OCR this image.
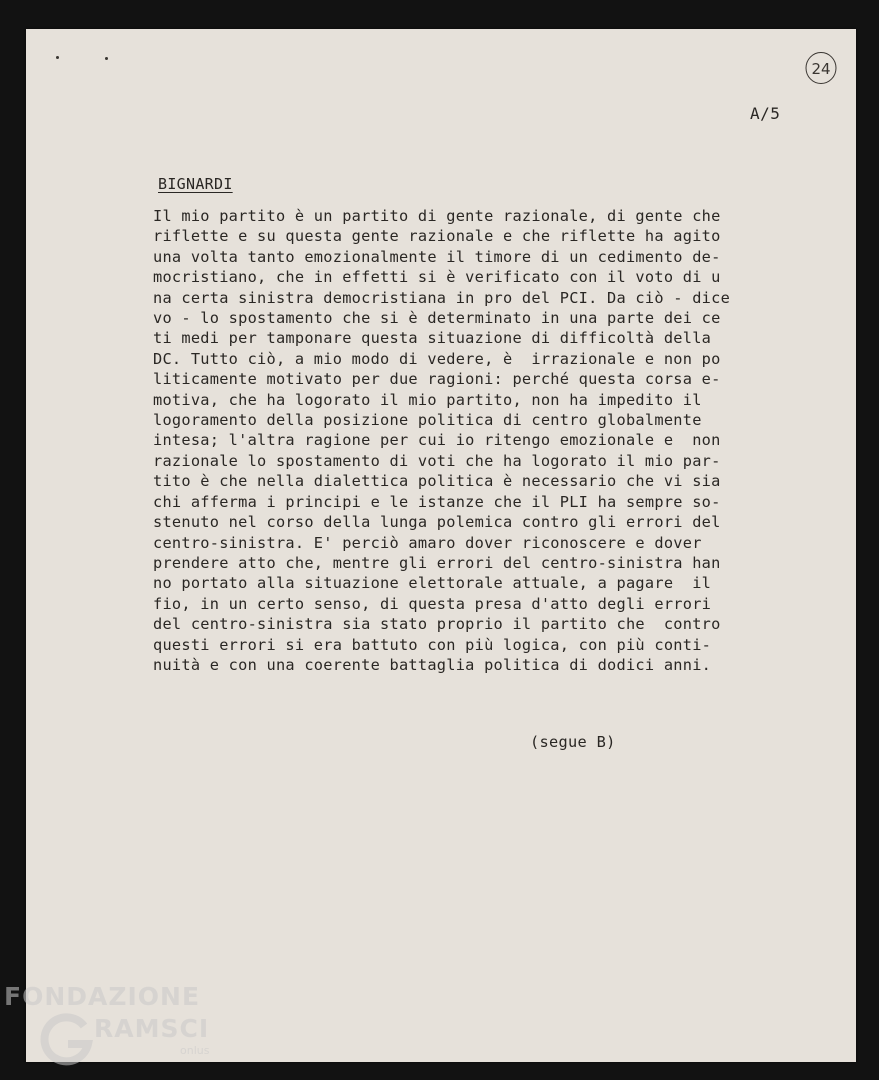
24
A/5
BIGNARDI
Il mio partito è un partito di gente razionale, di gente che
riflette e su questa gente razionale e che riflette ha agito
una volta tanto emozionalmente il timore di un cedimento de-
mocristiano, che in effetti si è verificato con il voto di u
na certa sinistra democristiana in pro del PCI. Da ciò - dice
vo - lo spostamento che si è determinato in una parte dei ce
ti medi per tamponare questa situazione di difficoltà della
DC. Tutto ciò, a mio modo di vedere, è  irrazionale e non po
liticamente motivato per due ragioni: perché questa corsa e-
motiva, che ha logorato il mio partito, non ha impedito il
logoramento della posizione politica di centro globalmente
intesa; l'altra ragione per cui io ritengo emozionale e  non
razionale lo spostamento di voti che ha logorato il mio par-
tito è che nella dialettica politica è necessario che vi sia
chi afferma i principi e le istanze che il PLI ha sempre so-
stenuto nel corso della lunga polemica contro gli errori del
centro-sinistra. E' perciò amaro dover riconoscere e dover
prendere atto che, mentre gli errori del centro-sinistra han
no portato alla situazione elettorale attuale, a pagare  il
fio, in un certo senso, di questa presa d'atto degli errori
del centro-sinistra sia stato proprio il partito che  contro
questi errori si era battuto con più logica, con più conti-
nuità e con una coerente battaglia politica di dodici anni.
(segue B)
FONDAZIONE
RAMSCI
onlus
